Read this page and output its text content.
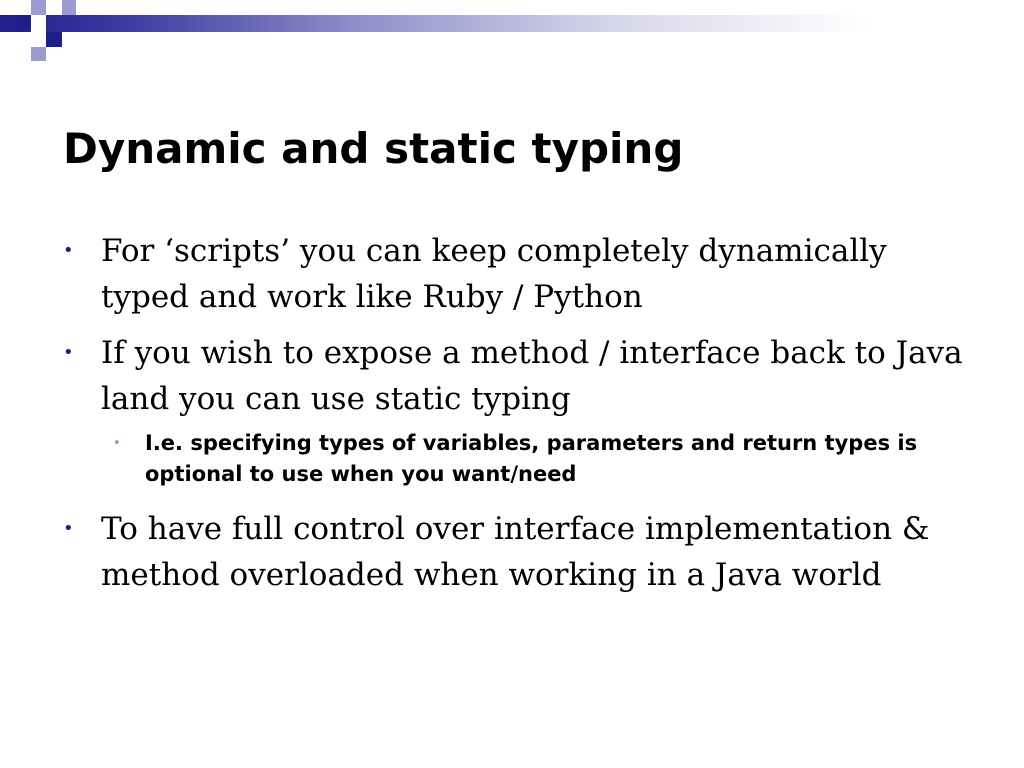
Dynamic and static typing
• For ‘scripts’ you can keep completely dynamically typed and work like Ruby / Python
• If you wish to expose a method / interface back to Java land you can use static typing
• I.e. specifying types of variables, parameters and return types is optional to use when you want/need
• To have full control over interface implementation & method overloaded when working in a Java world
